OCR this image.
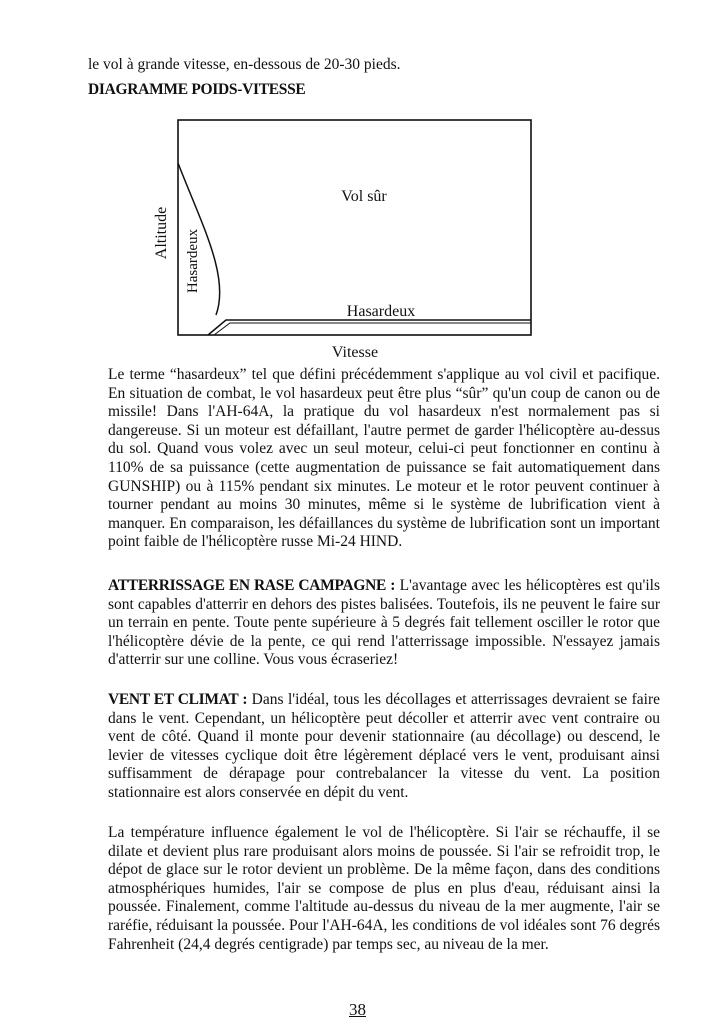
le vol à grande vitesse, en-dessous de 20-30 pieds.
DIAGRAMME POIDS-VITESSE
Altitude Hasardeux
Vol sûr
Hasardeux
Vitesse

Le terme “hasardeux” tel que défini précédemment s'applique au vol civil et pacifique. En situation de combat, le vol hasardeux peut être plus “sûr” qu'un coup de canon ou de missile! Dans l'AH-64A, la pratique du vol hasardeux n'est normalement pas si dangereuse. Si un moteur est défaillant, l'autre permet de garder l'hélicoptère au-dessus du sol. Quand vous volez avec un seul moteur, celui-ci peut fonctionner en continu à 110% de sa puissance (cette augmentation de puissance se fait automatiquement dans GUNSHIP) ou à 115% pendant six minutes. Le moteur et le rotor peuvent continuer à tourner pendant au moins 30 minutes, même si le système de lubrification vient à manquer. En comparaison, les défaillances du système de lubrification sont un important point faible de l'hélicoptère russe Mi-24 HIND.

ATTERRISSAGE EN RASE CAMPAGNE : L'avantage avec les hélicoptères est qu'ils sont capables d'atterrir en dehors des pistes balisées. Toutefois, ils ne peuvent le faire sur un terrain en pente. Toute pente supérieure à 5 degrés fait tellement osciller le rotor que l'hélicoptère dévie de la pente, ce qui rend l'atterrissage impossible. N'essayez jamais d'atterrir sur une colline. Vous vous écraseriez!

VENT ET CLIMAT : Dans l'idéal, tous les décollages et atterrissages devraient se faire dans le vent. Cependant, un hélicoptère peut décoller et atterrir avec vent contraire ou vent de côté. Quand il monte pour devenir stationnaire (au décollage) ou descend, le levier de vitesses cyclique doit être légèrement déplacé vers le vent, produisant ainsi suffisamment de dérapage pour contrebalancer la vitesse du vent. La position stationnaire est alors conservée en dépit du vent.

La température influence également le vol de l'hélicoptère. Si l'air se réchauffe, il se dilate et devient plus rare produisant alors moins de poussée. Si l'air se refroidit trop, le dépot de glace sur le rotor devient un problème. De la même façon, dans des conditions atmosphériques humides, l'air se compose de plus en plus d'eau, réduisant ainsi la poussée. Finalement, comme l'altitude au-dessus du niveau de la mer augmente, l'air se raréfie, réduisant la poussée. Pour l'AH-64A, les conditions de vol idéales sont 76 degrés Fahrenheit (24,4 degrés centigrade) par temps sec, au niveau de la mer.

38
